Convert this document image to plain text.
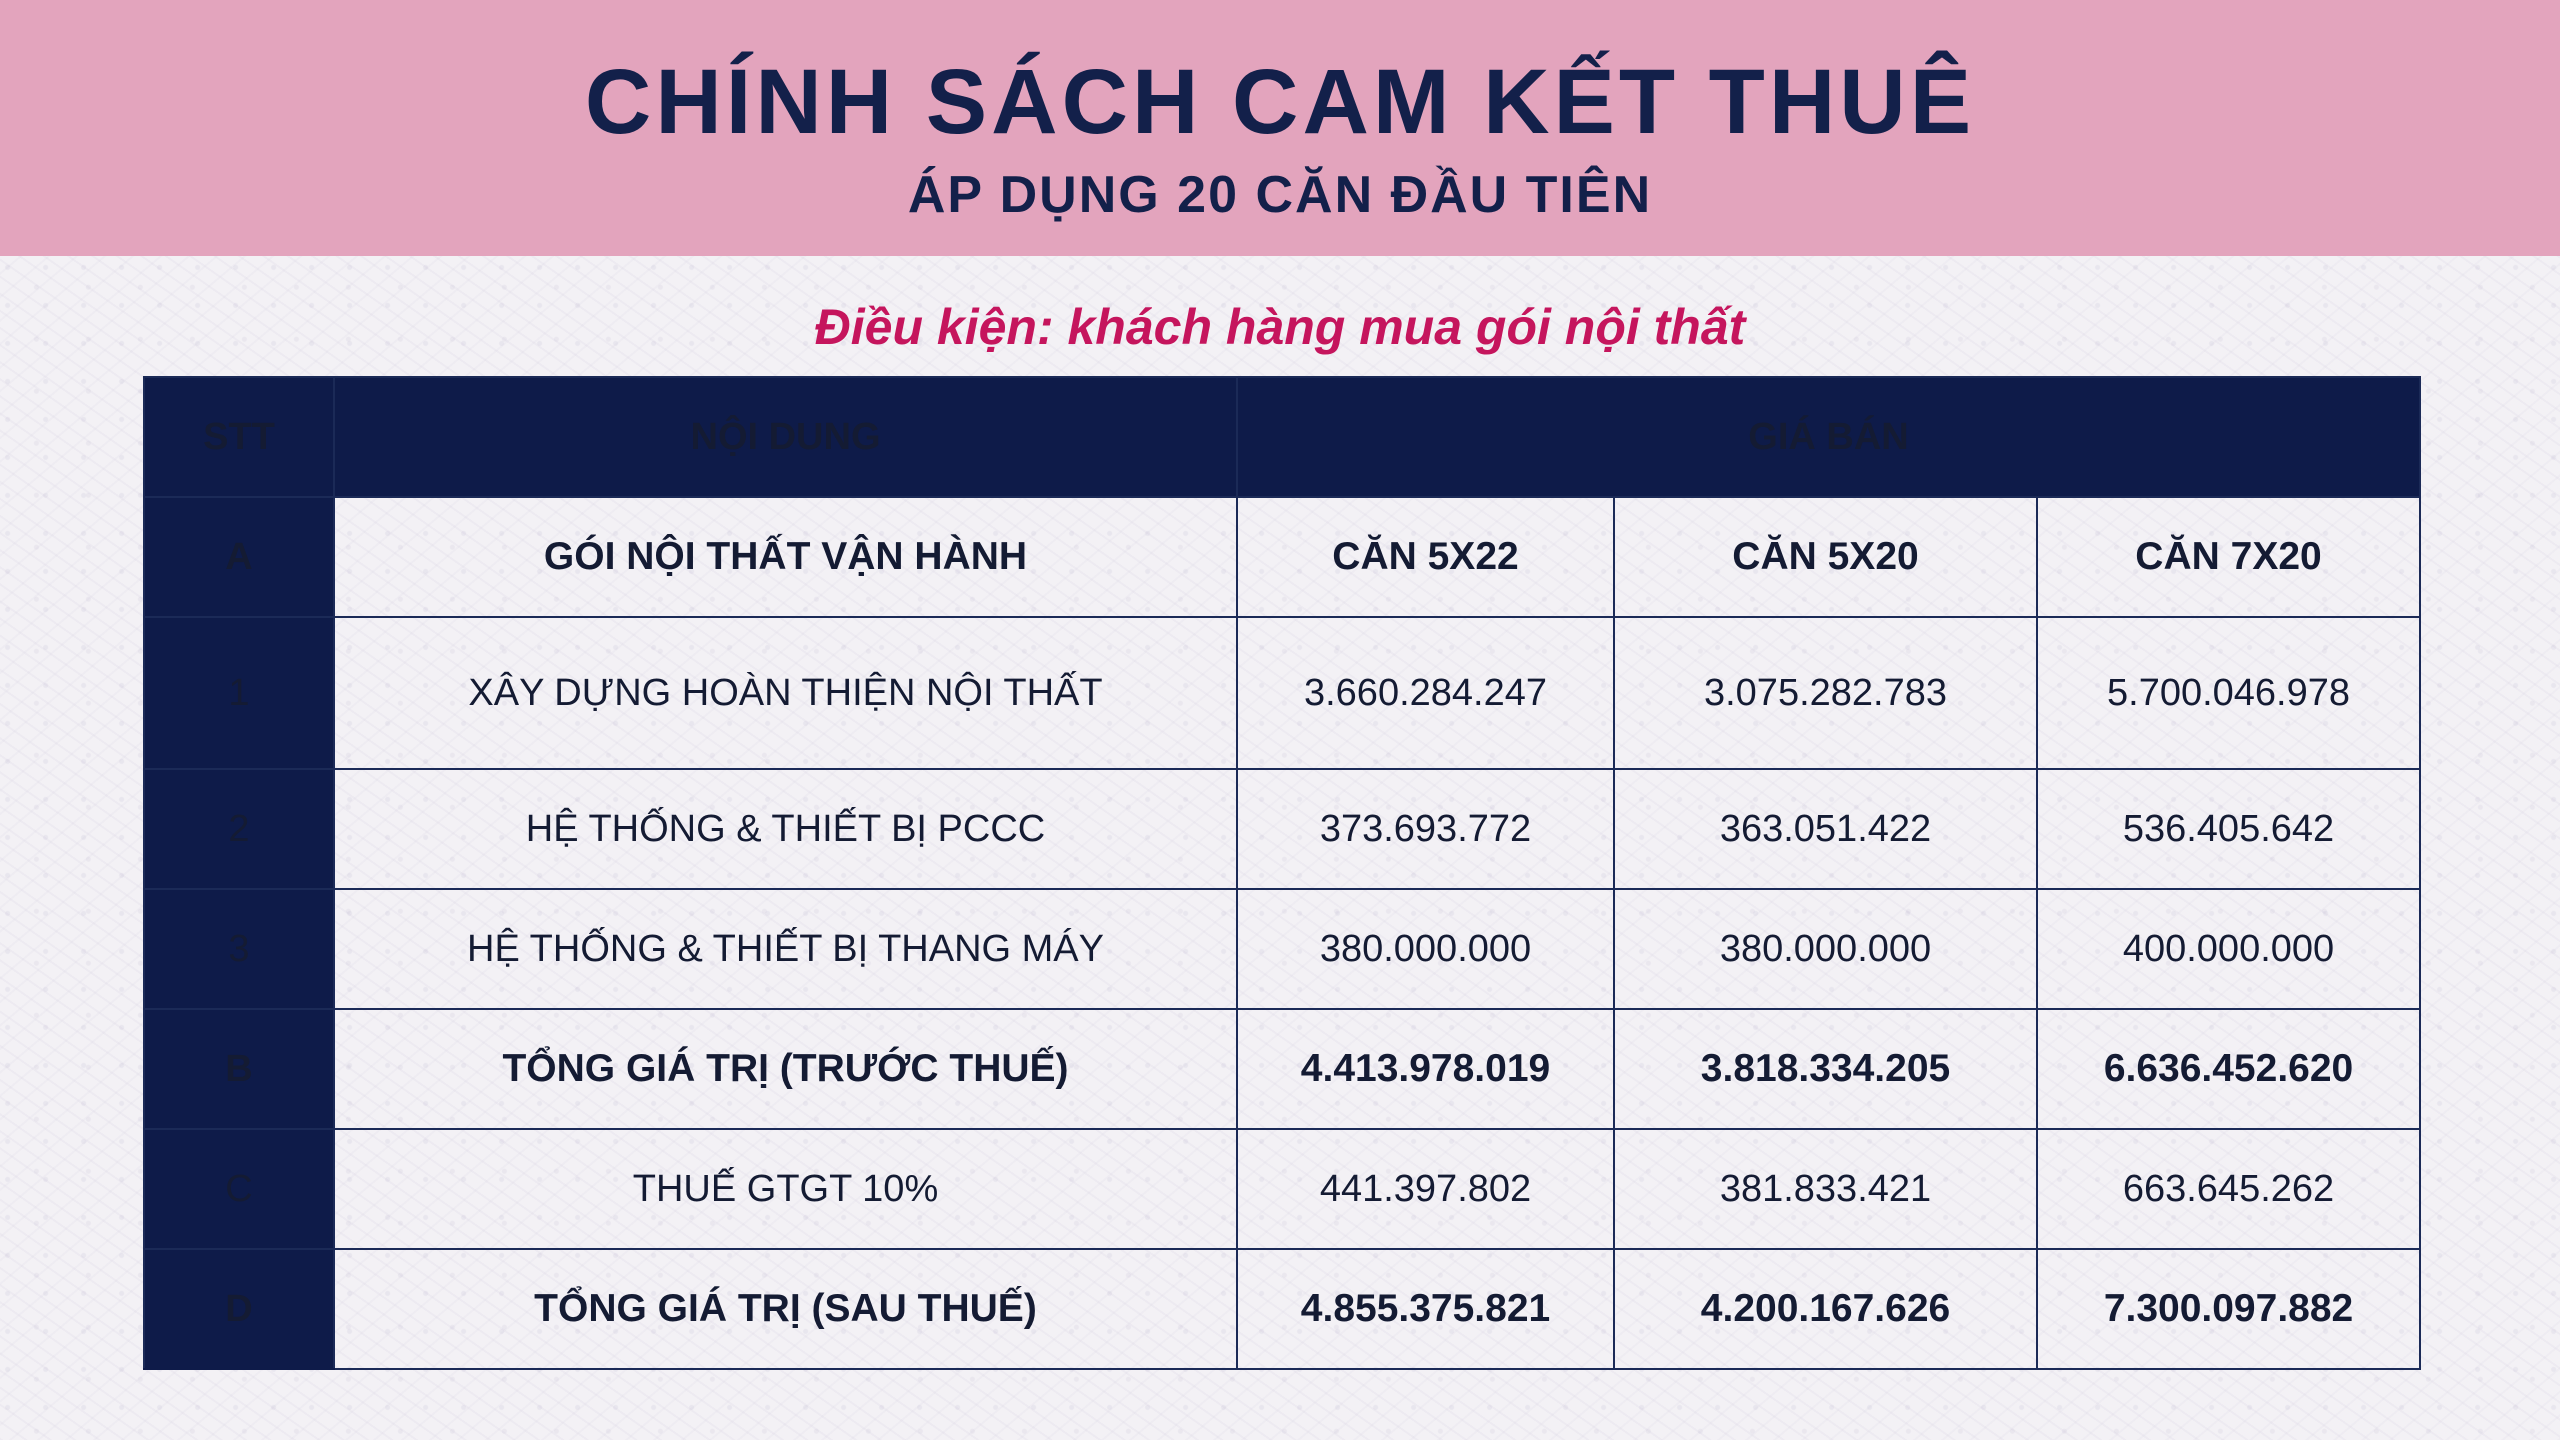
CHÍNH SÁCH CAM KẾT THUÊ
ÁP DỤNG 20 CĂN ĐẦU TIÊN
Điều kiện: khách hàng mua gói nội thất
STT	NỘI DUNG	GIÁ BÁN		
A	GÓI NỘI THẤT VẬN HÀNH	CĂN 5X22	CĂN 5X20	CĂN 7X20
1	XÂY DỰNG HOÀN THIỆN NỘI THẤT	3.660.284.247	3.075.282.783	5.700.046.978
2	HỆ THỐNG & THIẾT BỊ PCCC	373.693.772	363.051.422	536.405.642
3	HỆ THỐNG & THIẾT BỊ THANG MÁY	380.000.000	380.000.000	400.000.000
B	TỔNG GIÁ TRỊ (TRƯỚC THUẾ)	4.413.978.019	3.818.334.205	6.636.452.620
C	THUẾ GTGT 10%	441.397.802	381.833.421	663.645.262
D	TỔNG GIÁ TRỊ (SAU THUẾ)	4.855.375.821	4.200.167.626	7.300.097.882
